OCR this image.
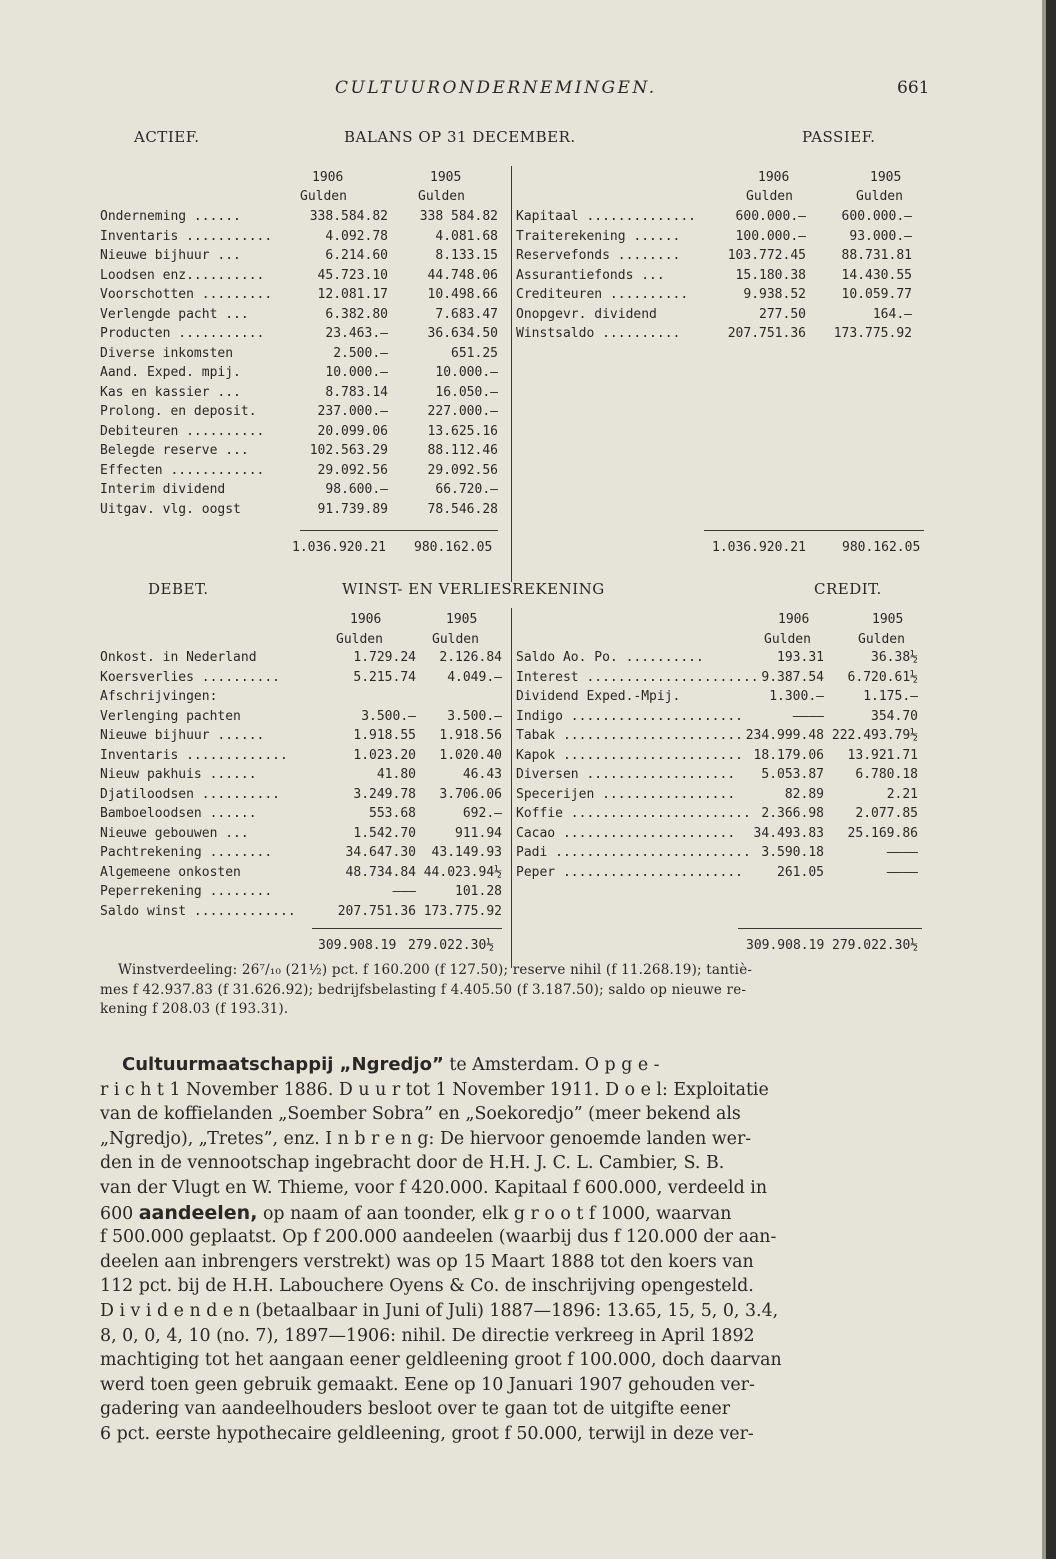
CULTUURONDERNEMINGEN.	661
ACTIEF.	BALANS OP 31 DECEMBER.	PASSIEF.
1906	1905
Gulden	Gulden
1906	1905
Gulden	Gulden
Onderneming ......	338.584.82	338 584.82
Inventaris ...........	4.092.78	4.081.68
Nieuwe bijhuur ...	6.214.60	8.133.15
Loodsen enz..........	45.723.10	44.748.06
Voorschotten .........	12.081.17	10.498.66
Verlengde pacht ...	6.382.80	7.683.47
Producten ...........	23.463.—	36.634.50
Diverse inkomsten	2.500.—	651.25
Aand. Exped. mpij.	10.000.—	10.000.—
Kas en kassier ...	8.783.14	16.050.—
Prolong. en deposit.	237.000.—	227.000.—
Debiteuren ..........	20.099.06	13.625.16
Belegde reserve ...	102.563.29	88.112.46
Effecten ............	29.092.56	29.092.56
Interim dividend	98.600.—	66.720.—
Uitgav. vlg. oogst	91.739.89	78.546.28
Kapitaal ..............	600.000.—	600.000.—
Traiterekening ......	100.000.—	93.000.—
Reservefonds ........	103.772.45	88.731.81
Assurantiefonds ...	15.180.38	14.430.55
Crediteuren ..........	9.938.52	10.059.77
Onopgevr. dividend	277.50	164.—
Winstsaldo ..........	207.751.36	173.775.92
1.036.920.21 980.162.05	1.036.920.21	980.162.05
DEBET.	WINST- EN VERLIESREKENING	CREDIT.
1906	1905
Gulden	Gulden
1906	1905
Gulden	Gulden
Onkost. in Nederland	1.729.24	2.126.84
Koersverlies ..........	5.215.74	4.049.—
Afschrijvingen:
Verlenging pachten	3.500.—	3.500.—
Nieuwe bijhuur ......	1.918.55	1.918.56
Inventaris .............	1.023.20	1.020.40
Nieuw pakhuis ......	41.80	46.43
Djatiloodsen ..........	3.249.78	3.706.06
Bamboeloodsen ......	553.68	692.—
Nieuwe gebouwen ...	1.542.70	911.94
Pachtrekening ........	34.647.30	43.149.93
Algemeene onkosten	48.734.84 44.023.94½
Peperrekening ........	———	101.28
Saldo winst .............	207.751.36 173.775.92
Saldo Ao. Po. ..........	193.31	36.38½
Interest ...................... 9.387.54	6.720.61½
Dividend Exped.-Mpij.	1.300.—	1.175.—
Indigo ......................	————	354.70
Tabak ....................... 234.999.48 222.493.79½
Kapok ....................... 18.179.06	13.921.71
Diversen ...................	5.053.87	6.780.18
Specerijen .................	82.89	2.21
Koffie ....................... 2.366.98	2.077.85
Cacao ......................	34.493.83	25.169.86
Padi ......................... 3.590.18	————
Peper .......................	261.05	————
309.908.19 279.022.30½	309.908.19 279.022.30½
Winstverdeeling: 26⁷/₁₀ (21½) pct. f 160.200 (f 127.50); reserve nihil (f 11.268.19); tantiè-
mes f 42.937.83 (f 31.626.92); bedrijfsbelasting f 4.405.50 (f 3.187.50); saldo op nieuwe re-
kening f 208.03 (f 193.31).
Cultuurmaatschappij „Ngredjo” te Amsterdam. O p g e -
r i c h t 1 November 1886. D u u r tot 1 November 1911. D o e l: Exploitatie
van de koffielanden „Soember Sobra” en „Soekoredjo” (meer bekend als
„Ngredjo), „Tretes”, enz. I n b r e n g: De hiervoor genoemde landen wer-
den in de vennootschap ingebracht door de H.H. J. C. L. Cambier, S. B.
van der Vlugt en W. Thieme, voor f 420.000. Kapitaal f 600.000, verdeeld in
600 aandeelen, op naam of aan toonder, elk g r o o t f 1000, waarvan
f 500.000 geplaatst. Op f 200.000 aandeelen (waarbij dus f 120.000 der aan-
deelen aan inbrengers verstrekt) was op 15 Maart 1888 tot den koers van
112 pct. bij de H.H. Labouchere Oyens & Co. de inschrijving opengesteld.
D i v i d e n d e n (betaalbaar in Juni of Juli) 1887—1896: 13.65, 15, 5, 0, 3.4,
8, 0, 0, 4, 10 (no. 7), 1897—1906: nihil. De directie verkreeg in April 1892
machtiging tot het aangaan eener geldleening groot f 100.000, doch daarvan
werd toen geen gebruik gemaakt. Eene op 10 Januari 1907 gehouden ver-
gadering van aandeelhouders besloot over te gaan tot de uitgifte eener
6 pct. eerste hypothecaire geldleening, groot f 50.000, terwijl in deze ver-
